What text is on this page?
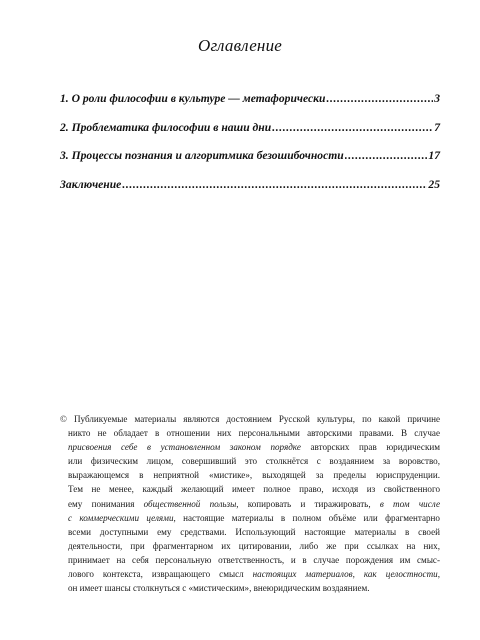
Оглавление
1. О роли философии в культуре — метафорически .....	3
2. Проблематика философии в наши дни .....	7
3. Процессы познания и алгоритмика безошибочности .....	17
Заключение .....	25
© Публикуемые материалы являются достоянием Русской культуры, по какой причине
никто не обладает в отношении них персональными авторскими правами. В случае
присвоения себе в установленном законом порядке авторских прав юридическим
или физическим лицом, совершивший это столкнётся с воздаянием за воровство,
выражающемся в неприятной «мистике», выходящей за пределы юриспруденции.
Тем не менее, каждый желающий имеет полное право, исходя из свойственного
ему понимания общественной пользы, копировать и тиражировать, в том числе
с коммерческими целями, настоящие материалы в полном объёме или фрагментарно
всеми доступными ему средствами. Использующий настоящие материалы в своей
деятельности, при фрагментарном их цитировании, либо же при ссылках на них,
принимает на себя персональную ответственность, и в случае порождения им смыс-
лового контекста, извращающего смысл настоящих материалов, как целостности,
он имеет шансы столкнуться с «мистическим», внеюридическим воздаянием.
